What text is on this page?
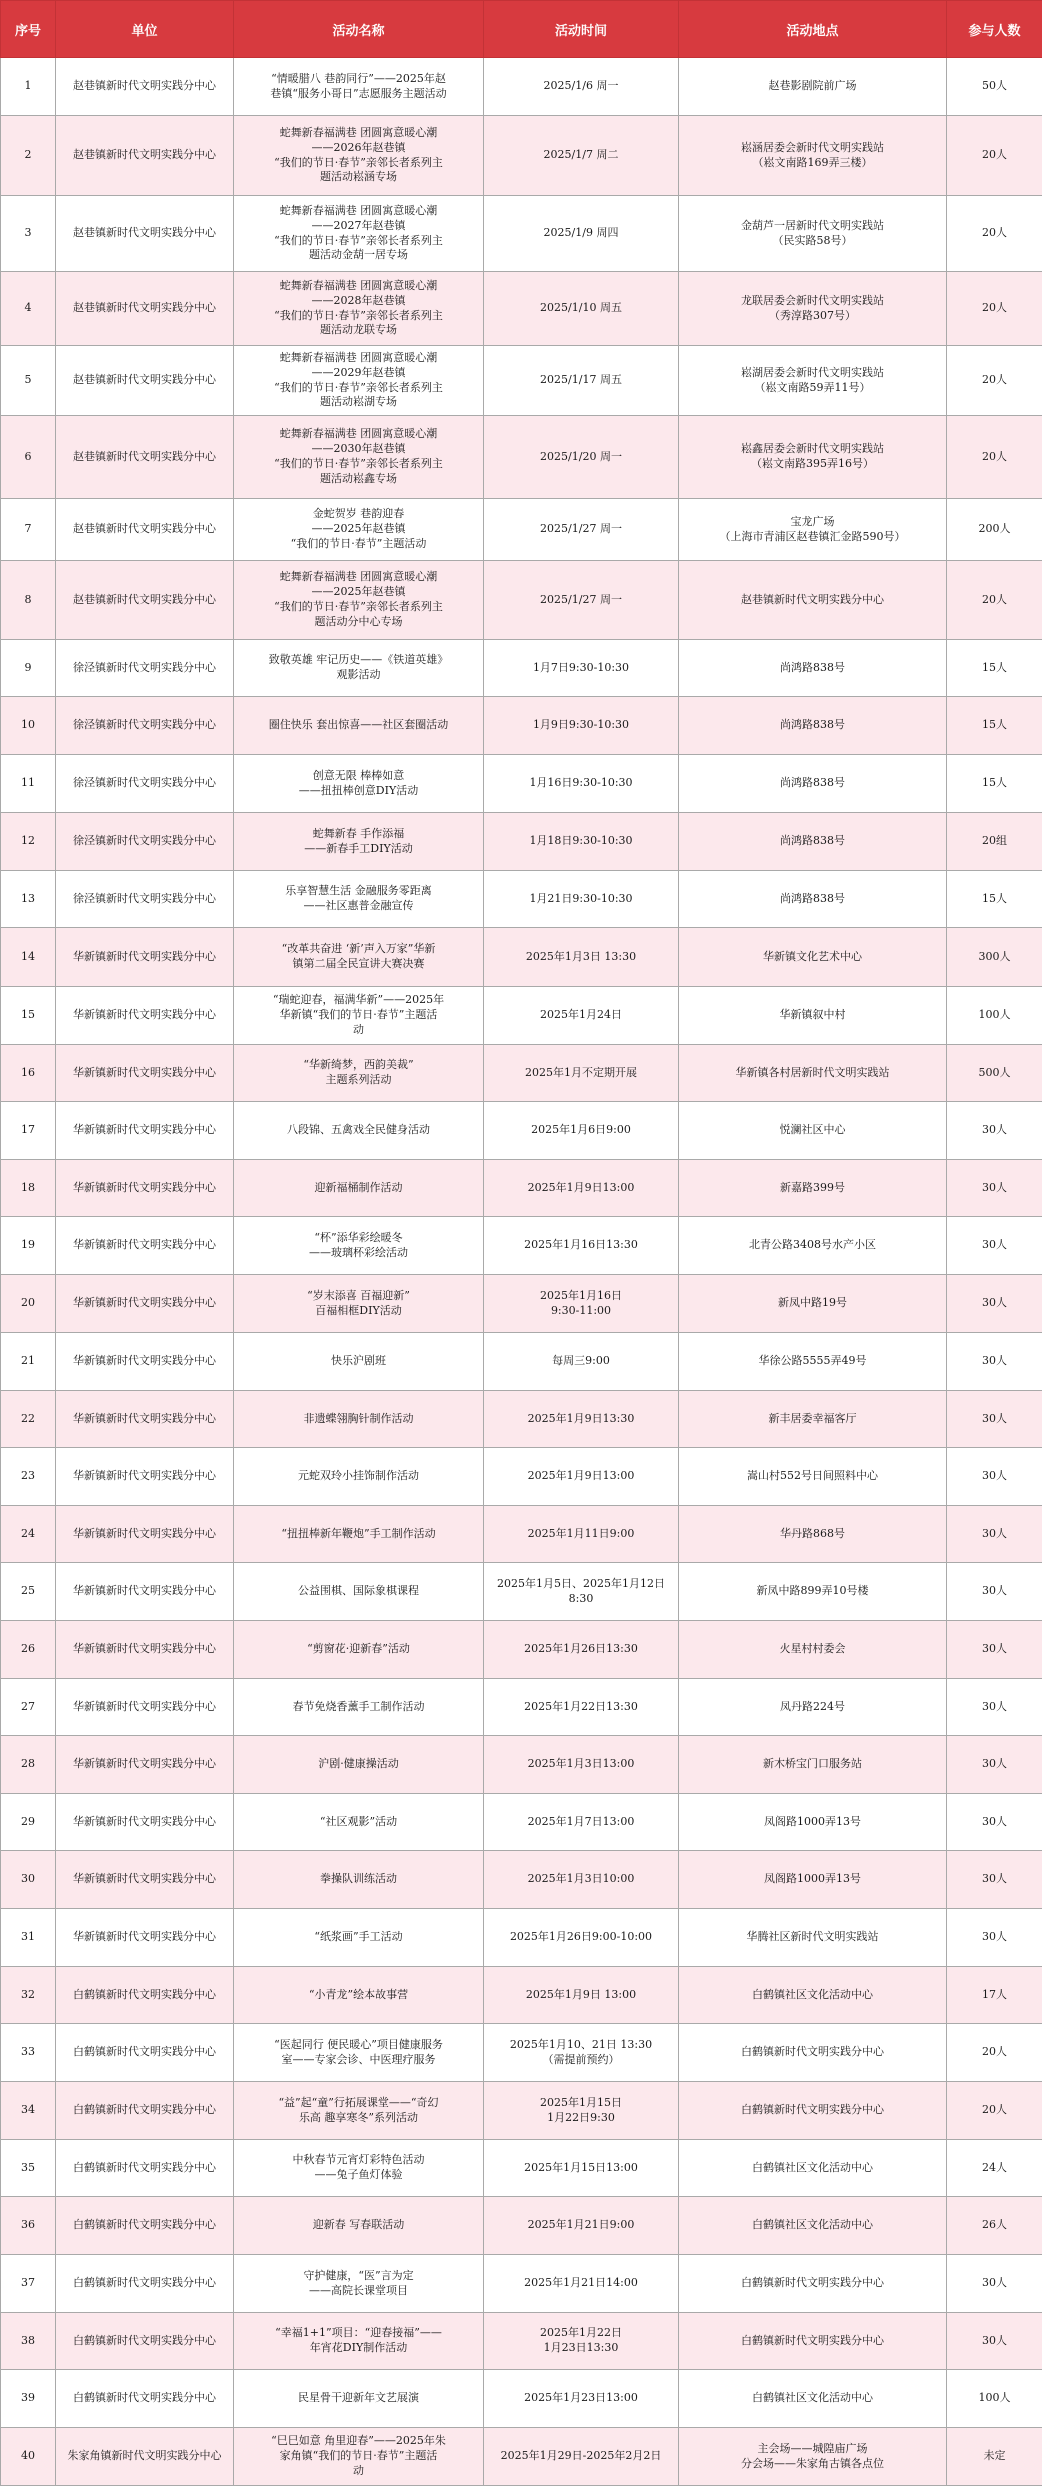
序号	单位	活动名称	活动时间	活动地点	参与人数
1	赵巷镇新时代文明实践分中心	“情暖腊八 巷韵同行”——2025年赵
巷镇“服务小哥日”志愿服务主题活动	2025/1/6 周一	赵巷影剧院前广场	50人
2	赵巷镇新时代文明实践分中心	蛇舞新春福满巷 团圆寓意暖心潮
——2026年赵巷镇
“我们的节日·春节”亲邻长者系列主
题活动崧涵专场	2025/1/7 周二	崧涵居委会新时代文明实践站
（崧文南路169弄三楼）	20人
3	赵巷镇新时代文明实践分中心	蛇舞新春福满巷 团圆寓意暖心潮
——2027年赵巷镇
“我们的节日·春节”亲邻长者系列主
题活动金葫一居专场	2025/1/9 周四	金葫芦一居新时代文明实践站
（民实路58号）	20人
4	赵巷镇新时代文明实践分中心	蛇舞新春福满巷 团圆寓意暖心潮
——2028年赵巷镇
“我们的节日·春节”亲邻长者系列主
题活动龙联专场	2025/1/10 周五	龙联居委会新时代文明实践站
（秀淳路307号）	20人
5	赵巷镇新时代文明实践分中心	蛇舞新春福满巷 团圆寓意暖心潮
——2029年赵巷镇
“我们的节日·春节”亲邻长者系列主
题活动崧湖专场	2025/1/17 周五	崧湖居委会新时代文明实践站
（崧文南路59弄11号）	20人
6	赵巷镇新时代文明实践分中心	蛇舞新春福满巷 团圆寓意暖心潮
——2030年赵巷镇
“我们的节日·春节”亲邻长者系列主
题活动崧鑫专场	2025/1/20 周一	崧鑫居委会新时代文明实践站
（崧文南路395弄16号）	20人
7	赵巷镇新时代文明实践分中心	金蛇贺岁 巷韵迎春
——2025年赵巷镇
“我们的节日·春节”主题活动	2025/1/27 周一	宝龙广场
（上海市青浦区赵巷镇汇金路590号）	200人
8	赵巷镇新时代文明实践分中心	蛇舞新春福满巷 团圆寓意暖心潮
——2025年赵巷镇
“我们的节日·春节”亲邻长者系列主
题活动分中心专场	2025/1/27 周一	赵巷镇新时代文明实践分中心	20人
9	徐泾镇新时代文明实践分中心	致敬英雄 牢记历史——《铁道英雄》
观影活动	1月7日9:30-10:30	尚鸿路838号	15人
10	徐泾镇新时代文明实践分中心	圈住快乐 套出惊喜——社区套圈活动	1月9日9:30-10:30	尚鸿路838号	15人
11	徐泾镇新时代文明实践分中心	创意无限 棒棒如意
——扭扭棒创意DIY活动	1月16日9:30-10:30	尚鸿路838号	15人
12	徐泾镇新时代文明实践分中心	蛇舞新春 手作添福
——新春手工DIY活动	1月18日9:30-10:30	尚鸿路838号	20组
13	徐泾镇新时代文明实践分中心	乐享智慧生活 金融服务零距离
——社区惠普金融宣传	1月21日9:30-10:30	尚鸿路838号	15人
14	华新镇新时代文明实践分中心	“改革共奋进 ‘新’声入万家”华新
镇第二届全民宣讲大赛决赛	2025年1月3日 13:30	华新镇文化艺术中心	300人
15	华新镇新时代文明实践分中心	“瑞蛇迎春，福满华新”——2025年
华新镇“我们的节日·春节”主题活
动	2025年1月24日	华新镇叙中村	100人
16	华新镇新时代文明实践分中心	“华新绮梦，西韵美裁”
主题系列活动	2025年1月不定期开展	华新镇各村居新时代文明实践站	500人
17	华新镇新时代文明实践分中心	八段锦、五禽戏全民健身活动	2025年1月6日9:00	悦澜社区中心	30人
18	华新镇新时代文明实践分中心	迎新福桶制作活动	2025年1月9日13:00	新嘉路399号	30人
19	华新镇新时代文明实践分中心	“杯”添华彩绘暖冬
——玻璃杯彩绘活动	2025年1月16日13:30	北青公路3408号水产小区	30人
20	华新镇新时代文明实践分中心	“岁末添喜 百福迎新”
百福相框DIY活动	2025年1月16日
9:30-11:00	新凤中路19号	30人
21	华新镇新时代文明实践分中心	快乐沪剧班	每周三9:00	华徐公路5555弄49号	30人
22	华新镇新时代文明实践分中心	非遗蝶翎胸针制作活动	2025年1月9日13:30	新丰居委幸福客厅	30人
23	华新镇新时代文明实践分中心	元蛇双玲小挂饰制作活动	2025年1月9日13:00	嵩山村552号日间照料中心	30人
24	华新镇新时代文明实践分中心	“扭扭棒新年鞭炮”手工制作活动	2025年1月11日9:00	华丹路868号	30人
25	华新镇新时代文明实践分中心	公益围棋、国际象棋课程	2025年1月5日、2025年1月12日
8:30	新凤中路899弄10号楼	30人
26	华新镇新时代文明实践分中心	“剪窗花·迎新春”活动	2025年1月26日13:30	火星村村委会	30人
27	华新镇新时代文明实践分中心	春节免烧香薰手工制作活动	2025年1月22日13:30	凤丹路224号	30人
28	华新镇新时代文明实践分中心	沪剧·健康操活动	2025年1月3日13:00	新木桥宝门口服务站	30人
29	华新镇新时代文明实践分中心	“社区观影”活动	2025年1月7日13:00	凤阁路1000弄13号	30人
30	华新镇新时代文明实践分中心	拳操队训练活动	2025年1月3日10:00	凤阁路1000弄13号	30人
31	华新镇新时代文明实践分中心	“纸浆画”手工活动	2025年1月26日9:00-10:00	华腾社区新时代文明实践站	30人
32	白鹤镇新时代文明实践分中心	“小青龙”绘本故事营	2025年1月9日 13:00	白鹤镇社区文化活动中心	17人
33	白鹤镇新时代文明实践分中心	“医起同行 便民暖心”项目健康服务
室——专家会诊、中医理疗服务	2025年1月10、21日 13:30
（需提前预约）	白鹤镇新时代文明实践分中心	20人
34	白鹤镇新时代文明实践分中心	“益”起“童”行拓展课堂——“奇幻
乐高 趣享寒冬”系列活动	2025年1月15日
1月22日9:30	白鹤镇新时代文明实践分中心	20人
35	白鹤镇新时代文明实践分中心	中秋春节元宵灯彩特色活动
——兔子鱼灯体验	2025年1月15日13:00	白鹤镇社区文化活动中心	24人
36	白鹤镇新时代文明实践分中心	迎新春 写春联活动	2025年1月21日9:00	白鹤镇社区文化活动中心	26人
37	白鹤镇新时代文明实践分中心	守护健康，“医”言为定
——高院长课堂项目	2025年1月21日14:00	白鹤镇新时代文明实践分中心	30人
38	白鹤镇新时代文明实践分中心	“幸福1+1”项目：“迎春接福”——
年宵花DIY制作活动	2025年1月22日
1月23日13:30	白鹤镇新时代文明实践分中心	30人
39	白鹤镇新时代文明实践分中心	民星骨干迎新年文艺展演	2025年1月23日13:00	白鹤镇社区文化活动中心	100人
40	朱家角镇新时代文明实践分中心	“巳巳如意 角里迎春”——2025年朱
家角镇“我们的节日·春节”主题活
动	2025年1月29日-2025年2月2日	主会场——城隍庙广场
分会场——朱家角古镇各点位	未定
